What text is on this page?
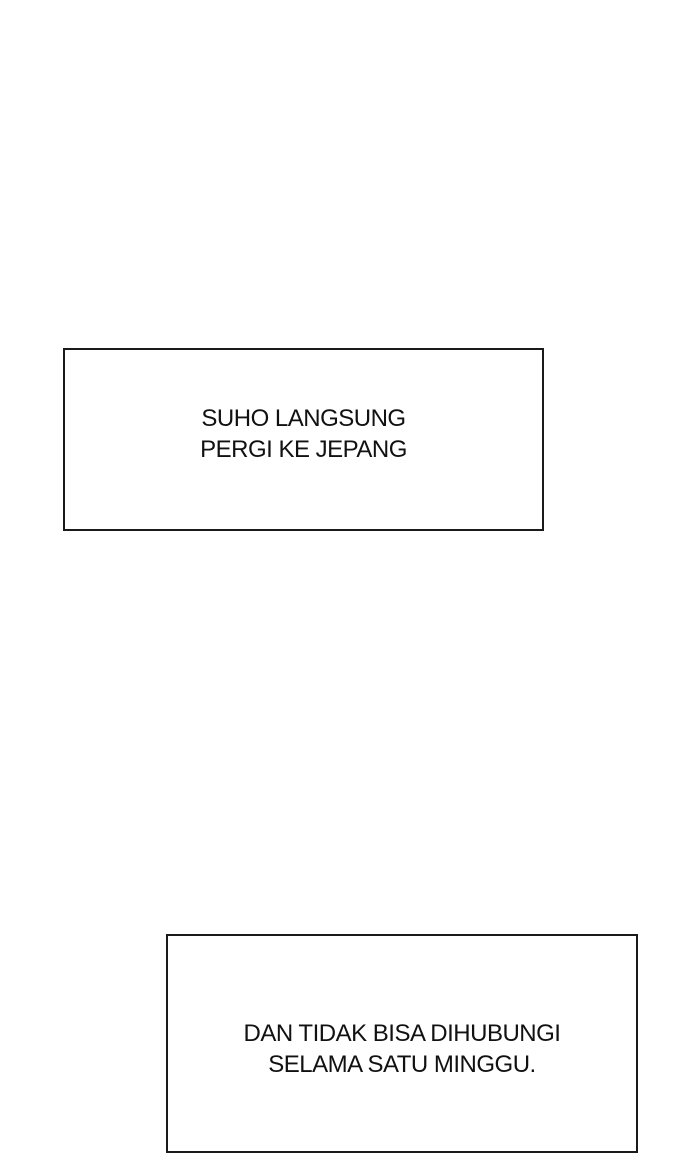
SUHO LANGSUNG
PERGI KE JEPANG
DAN TIDAK BISA DIHUBUNGI
SELAMA SATU MINGGU.
